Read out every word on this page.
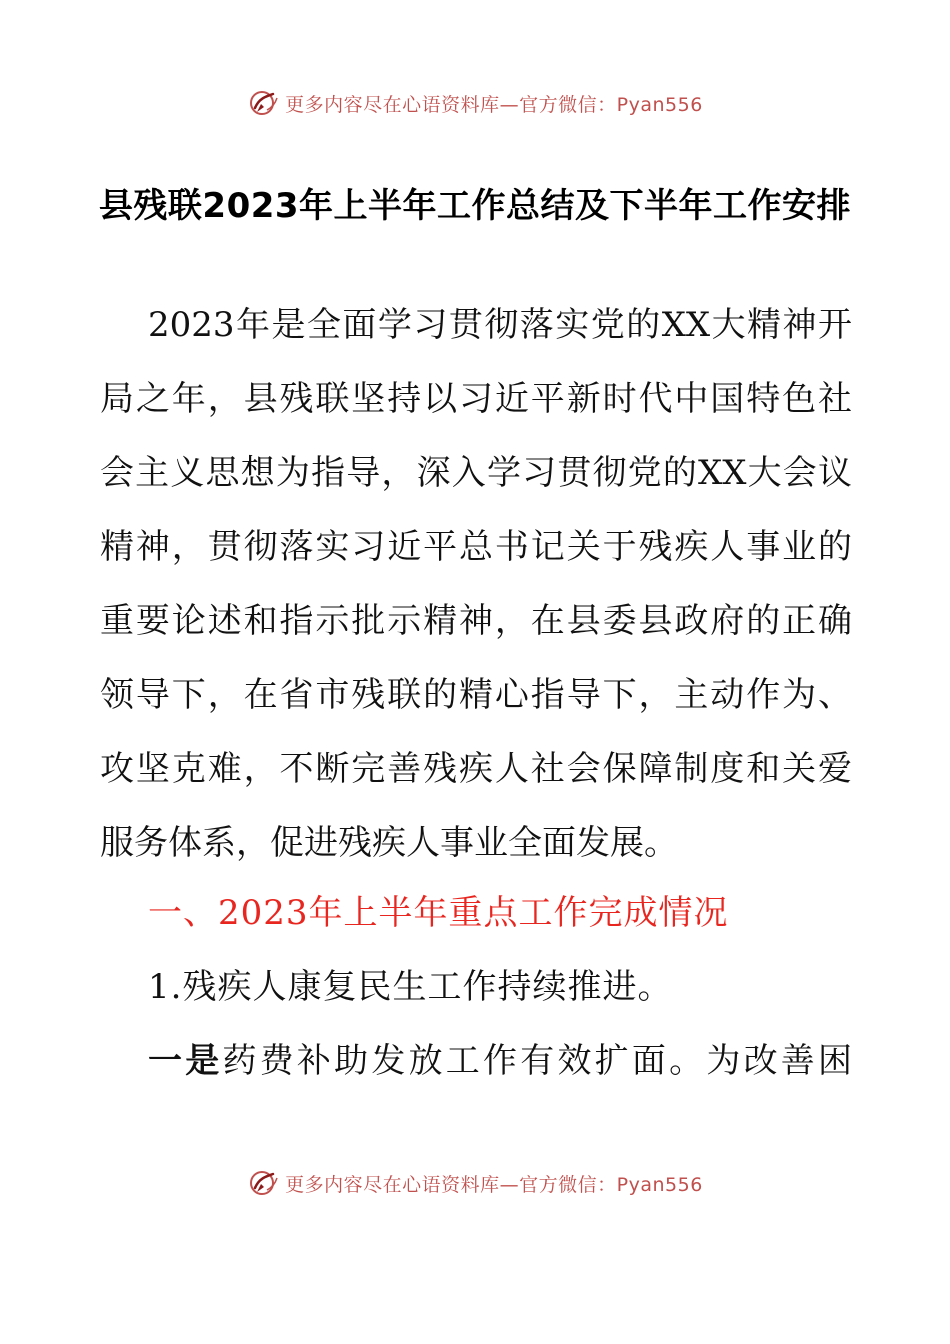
更多内容尽在心语资料库—官方微信：Pyan556
县残联2023年上半年工作总结及下半年工作安排
2023年是全面学习贯彻落实党的XX大精神开
局之年，县残联坚持以习近平新时代中国特色社
会主义思想为指导，深入学习贯彻党的XX大会议
精神，贯彻落实习近平总书记关于残疾人事业的
重要论述和指示批示精神，在县委县政府的正确
领导下，在省市残联的精心指导下，主动作为、
攻坚克难，不断完善残疾人社会保障制度和关爱
服务体系，促进残疾人事业全面发展。
一、2023年上半年重点工作完成情况
1.残疾人康复民生工作持续推进。
一是药费补助发放工作有效扩面。为改善困
更多内容尽在心语资料库—官方微信：Pyan556
